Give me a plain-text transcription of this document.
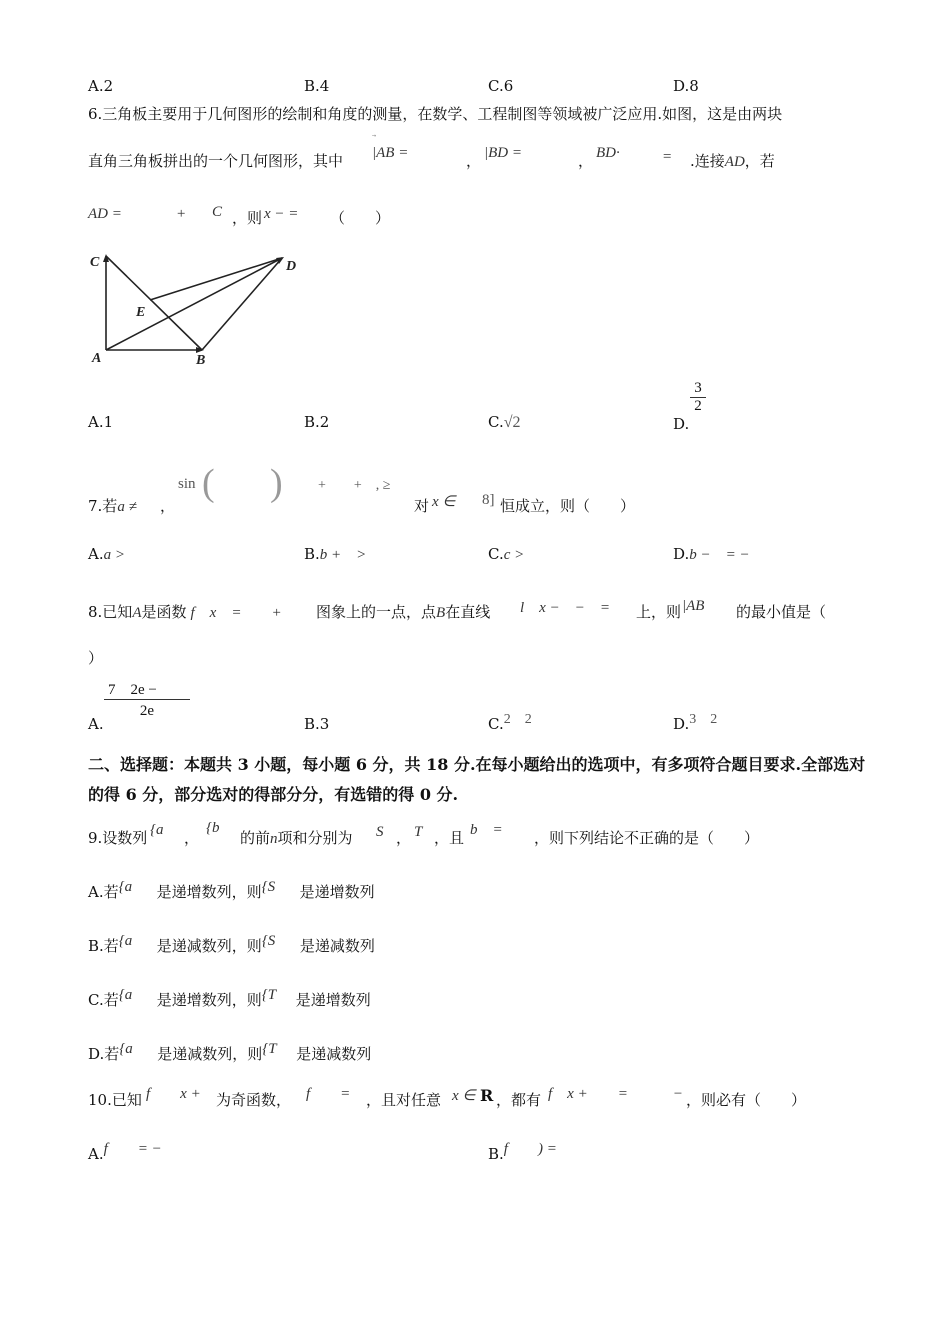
A.2	B.4	C.6	D.8
6.三角板主要用于几何图形的绘制和角度的测量，在数学、工程制图等领域被广泛应用.如图，这是由两块
直角三角板拼出的一个几何图形，其中 |AB =	， |BD =	， BD·	= .连接AD，若
AD =	+ C ，则 x − = （　　）
C	D
E
A	B
A.1	B.2	C.√2	D.
$\frac{3}{2}$
7.若a ≠ ，
sin ( )	+　　+　, ≥
对 x ∈ 8] 恒成立，则（　　）
A.a >	B.b +　>	C.c >	D.b −　= −
8.已知A是函数 f　x　=　　+ 图象上的一点，点B在直线 l　x −　−　= 上，则 |AB 的最小值是（
）
A.
$\frac{7 2e -}{2e}$
B.3	C.2　2	D.3　2
二、选择题：本题共 3 小题，每小题 6 分，共 18 分.在每小题给出的选项中，有多项符合题目要求.全部选对的得 6 分，部分选对的得部分分，有选错的得 0 分.
9.设数列 {a ，
{b
的前n项和分别为 S ， T ，且 b　= ，则下列结论不正确的是（　　）
A.若{a 是递增数列，则{S 是递增数列
B.若{a 是递减数列，则{S 是递减数列
C.若{a 是递增数列，则{T 是递增数列
D.若{a 是递减数列，则{T 是递减数列
10.已知 f　　x + 为奇函数， f　　= ，且对任意 x ∈ R ，都有 f　x +　　=　　　− ，则必有（　　）
A.f　　= −	B.f　　) =
